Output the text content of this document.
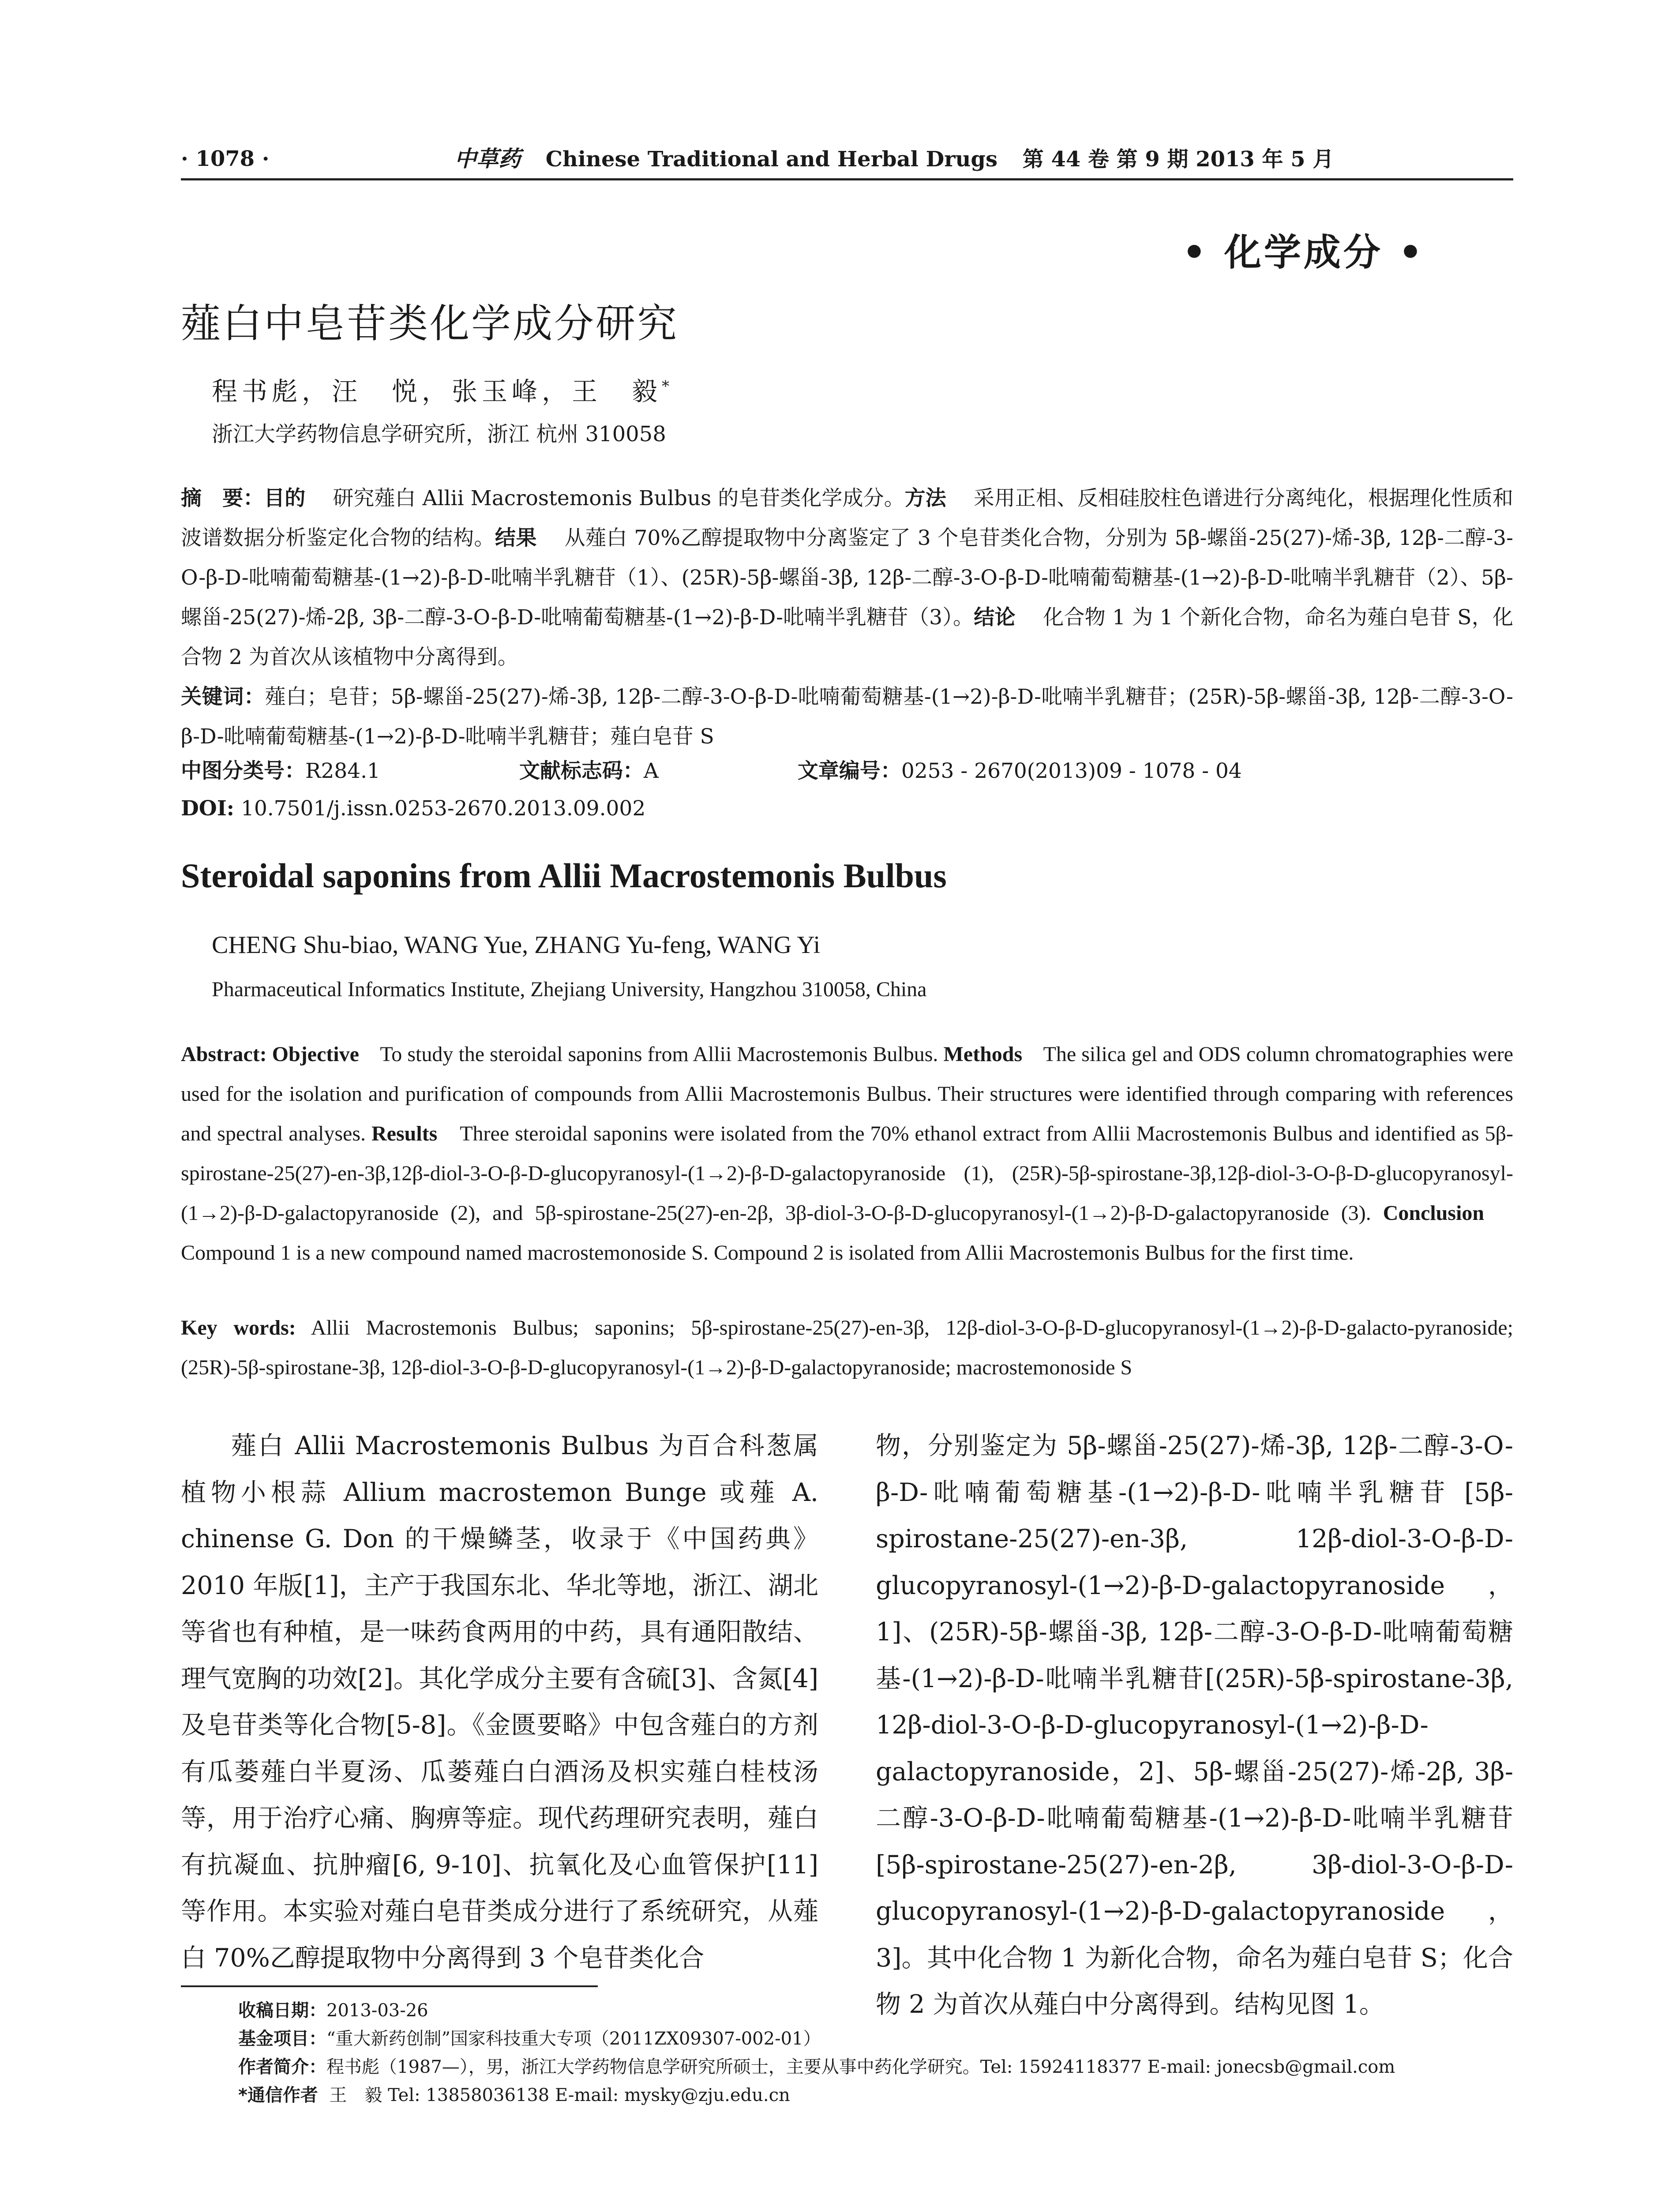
· 1078 ·	中草药 Chinese Traditional and Herbal Drugs 第 44 卷 第 9 期 2013 年 5 月
• 化学成分 •
薤白中皂苷类化学成分研究
程书彪，汪　悦，张玉峰，王　毅*
浙江大学药物信息学研究所，浙江 杭州 310058
摘　要：目的　 研究薤白 Allii Macrostemonis Bulbus 的皂苷类化学成分。方法　 采用正相、反相硅胶柱色谱进行分离纯化，根据理化性质和波谱数据分析鉴定化合物的结构。结果　 从薤白 70%乙醇提取物中分离鉴定了 3 个皂苷类化合物，分别为 5β-螺甾-25(27)-烯-3β, 12β-二醇-3-O-β-D-吡喃葡萄糖基-(1→2)-β-D-吡喃半乳糖苷（1）、(25R)-5β-螺甾-3β, 12β-二醇-3-O-β-D-吡喃葡萄糖基-(1→2)-β-D-吡喃半乳糖苷（2）、5β-螺甾-25(27)-烯-2β, 3β-二醇-3-O-β-D-吡喃葡萄糖基-(1→2)-β-D-吡喃半乳糖苷（3）。结论　 化合物 1 为 1 个新化合物，命名为薤白皂苷 S，化合物 2 为首次从该植物中分离得到。
关键词：薤白；皂苷；5β-螺甾-25(27)-烯-3β, 12β-二醇-3-O-β-D-吡喃葡萄糖基-(1→2)-β-D-吡喃半乳糖苷；(25R)-5β-螺甾-3β, 12β-二醇-3-O-β-D-吡喃葡萄糖基-(1→2)-β-D-吡喃半乳糖苷；薤白皂苷 S
中图分类号：R284.1	文献标志码：A	文章编号：0253 - 2670(2013)09 - 1078 - 04
DOI: 10.7501/j.issn.0253-2670.2013.09.002
Steroidal saponins from Allii Macrostemonis Bulbus
CHENG Shu-biao, WANG Yue, ZHANG Yu-feng, WANG Yi
Pharmaceutical Informatics Institute, Zhejiang University, Hangzhou 310058, China
Abstract: Objective To study the steroidal saponins from Allii Macrostemonis Bulbus. Methods The silica gel and ODS column chromatographies were used for the isolation and purification of compounds from Allii Macrostemonis Bulbus. Their structures were identified through comparing with references and spectral analyses. Results Three steroidal saponins were isolated from the 70% ethanol extract from Allii Macrostemonis Bulbus and identified as 5β-spirostane-25(27)-en-3β,12β-diol-3-O-β-D-glucopyranosyl-(1→2)-β-D-galactopyranoside (1), (25R)-5β-spirostane-3β,12β-diol-3-O-β-D-glucopyranosyl-(1→2)-β-D-galactopyranoside (2), and 5β-spirostane-25(27)-en-2β, 3β-diol-3-O-β-D-glucopyranosyl-(1→2)-β-D-galactopyranoside (3). Conclusion    Compound 1 is a new compound named macrostemonoside S. Compound 2 is isolated from Allii Macrostemonis Bulbus for the first time.
Key words: Allii Macrostemonis Bulbus; saponins; 5β-spirostane-25(27)-en-3β, 12β-diol-3-O-β-D-glucopyranosyl-(1→2)-β-D-galacto-pyranoside; (25R)-5β-spirostane-3β, 12β-diol-3-O-β-D-glucopyranosyl-(1→2)-β-D-galactopyranoside; macrostemonoside S
薤白 Allii Macrostemonis Bulbus 为百合科葱属植物小根蒜 Allium macrostemon Bunge 或薤 A. chinense G. Don 的干燥鳞茎，收录于《中国药典》2010 年版[1]，主产于我国东北、华北等地，浙江、湖北等省也有种植，是一味药食两用的中药，具有通阳散结、理气宽胸的功效[2]。其化学成分主要有含硫[3]、含氮[4]及皂苷类等化合物[5-8]。《金匮要略》中包含薤白的方剂有瓜蒌薤白半夏汤、瓜蒌薤白白酒汤及枳实薤白桂枝汤等，用于治疗心痛、胸痹等症。现代药理研究表明，薤白有抗凝血、抗肿瘤[6, 9-10]、抗氧化及心血管保护[11]等作用。本实验对薤白皂苷类成分进行了系统研究，从薤白 70%乙醇提取物中分离得到 3 个皂苷类化合
物，分别鉴定为 5β-螺甾-25(27)-烯-3β, 12β-二醇-3-O-β-D-吡喃葡萄糖基-(1→2)-β-D-吡喃半乳糖苷 [5β-spirostane-25(27)-en-3β, 12β-diol-3-O-β-D-glucopyranosyl-(1→2)-β-D-galactopyranoside，1]、(25R)-5β-螺甾-3β, 12β-二醇-3-O-β-D-吡喃葡萄糖基-(1→2)-β-D-吡喃半乳糖苷[(25R)-5β-spirostane-3β, 12β-diol-3-O-β-D-glucopyranosyl-(1→2)-β-D-galactopyranoside，2]、5β-螺甾-25(27)-烯-2β, 3β-二醇-3-O-β-D-吡喃葡萄糖基-(1→2)-β-D-吡喃半乳糖苷 [5β-spirostane-25(27)-en-2β, 3β-diol-3-O-β-D-glucopyranosyl-(1→2)-β-D-galactopyranoside，3]。其中化合物 1 为新化合物，命名为薤白皂苷 S；化合物 2 为首次从薤白中分离得到。结构见图 1。
收稿日期：2013-03-26
基金项目：“重大新药创制”国家科技重大专项（2011ZX09307-002-01）
作者简介：程书彪（1987—），男，浙江大学药物信息学研究所硕士，主要从事中药化学研究。Tel: 15924118377 E-mail: jonecsb@gmail.com
*通信作者 王　毅 Tel: 13858036138 E-mail: mysky@zju.edu.cn
